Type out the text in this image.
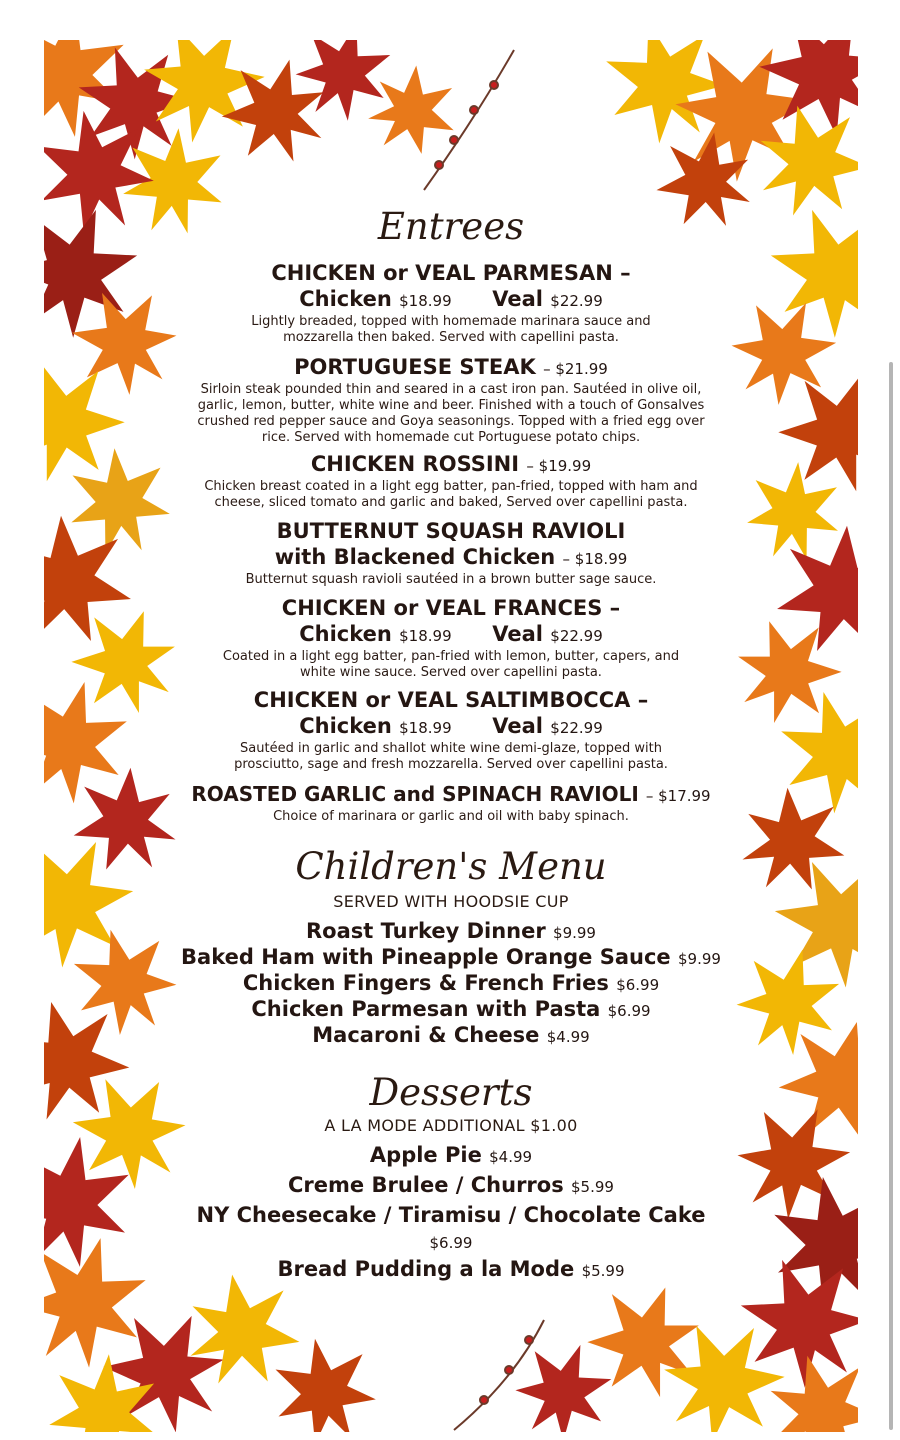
Entrees
CHICKEN or VEAL PARMESAN –
Chicken $18.99 Veal $22.99
Lightly breaded, topped with homemade marinara sauce and
mozzarella then baked. Served with capellini pasta.
PORTUGUESE STEAK – $21.99
Sirloin steak pounded thin and seared in a cast iron pan. Sautéed in olive oil,
garlic, lemon, butter, white wine and beer. Finished with a touch of Gonsalves
crushed red pepper sauce and Goya seasonings. Topped with a fried egg over
rice. Served with homemade cut Portuguese potato chips.
CHICKEN ROSSINI – $19.99
Chicken breast coated in a light egg batter, pan-fried, topped with ham and
cheese, sliced tomato and garlic and baked, Served over capellini pasta.
BUTTERNUT SQUASH RAVIOLI
with Blackened Chicken – $18.99
Butternut squash ravioli sautéed in a brown butter sage sauce.
CHICKEN or VEAL FRANCES –
Chicken $18.99 Veal $22.99
Coated in a light egg batter, pan-fried with lemon, butter, capers, and
white wine sauce. Served over capellini pasta.
CHICKEN or VEAL SALTIMBOCCA –
Chicken $18.99 Veal $22.99
Sautéed in garlic and shallot white wine demi-glaze, topped with
prosciutto, sage and fresh mozzarella. Served over capellini pasta.
ROASTED GARLIC and SPINACH RAVIOLI – $17.99
Choice of marinara or garlic and oil with baby spinach.
Children's Menu
SERVED WITH HOODSIE CUP
Roast Turkey Dinner $9.99
Baked Ham with Pineapple Orange Sauce $9.99
Chicken Fingers & French Fries $6.99
Chicken Parmesan with Pasta $6.99
Macaroni & Cheese $4.99
Desserts
A LA MODE ADDITIONAL $1.00
Apple Pie $4.99
Creme Brulee / Churros $5.99
NY Cheesecake / Tiramisu / Chocolate Cake
$6.99
Bread Pudding a la Mode $5.99
